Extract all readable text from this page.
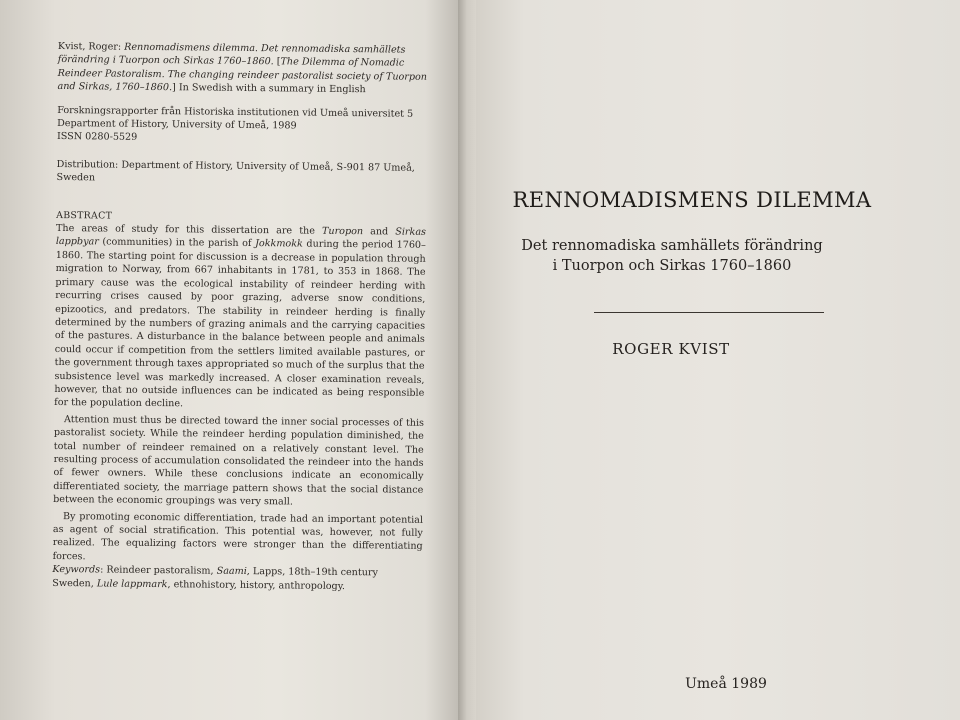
Kvist, Roger: Rennomadismens dilemma. Det rennomadiska samhällets förändring i Tuorpon och Sirkas 1760–1860. [The Dilemma of Nomadic Reindeer Pastoralism. The changing reindeer pastoralist society of Tuorpon and Sirkas, 1760–1860.] In Swedish with a summary in English

Forskningsrapporter från Historiska institutionen vid Umeå universitet 5

Department of History, University of Umeå, 1989

ISSN 0280-5529

Distribution: Department of History, University of Umeå, S-901 87 Umeå, Sweden

ABSTRACT

The areas of study for this dissertation are the Turopon and Sirkas lappbyar (communities) in the parish of Jokkmokk during the period 1760–1860. The starting point for discussion is a decrease in population through migration to Norway, from 667 inhabitants in 1781, to 353 in 1868. The primary cause was the ecological instability of reindeer herding with recurring crises caused by poor grazing, adverse snow conditions, epizootics, and predators. The stability in reindeer herding is finally determined by the numbers of grazing animals and the carrying capacities of the pastures. A disturbance in the balance between people and animals could occur if competition from the settlers limited available pastures, or the government through taxes appropriated so much of the surplus that the subsistence level was markedly increased. A closer examination reveals, however, that no outside influences can be indicated as being responsible for the population decline.

Attention must thus be directed toward the inner social processes of this pastoralist society. While the reindeer herding population diminished, the total number of reindeer remained on a relatively constant level. The resulting process of accumulation consolidated the reindeer into the hands of fewer owners. While these conclusions indicate an economically differentiated society, the marriage pattern shows that the social distance between the economic groupings was very small.

By promoting economic differentiation, trade had an important potential as agent of social stratification. This potential was, however, not fully realized. The equalizing factors were stronger than the differentiating forces.

Keywords: Reindeer pastoralism, Saami, Lapps, 18th–19th century Sweden, Lule lappmark, ethnohistory, history, anthropology.

RENNOMADISMENS DILEMMA
Det rennomadiska samhällets förändring
i Tuorpon och Sirkas 1760–1860
ROGER KVIST
Umeå 1989
